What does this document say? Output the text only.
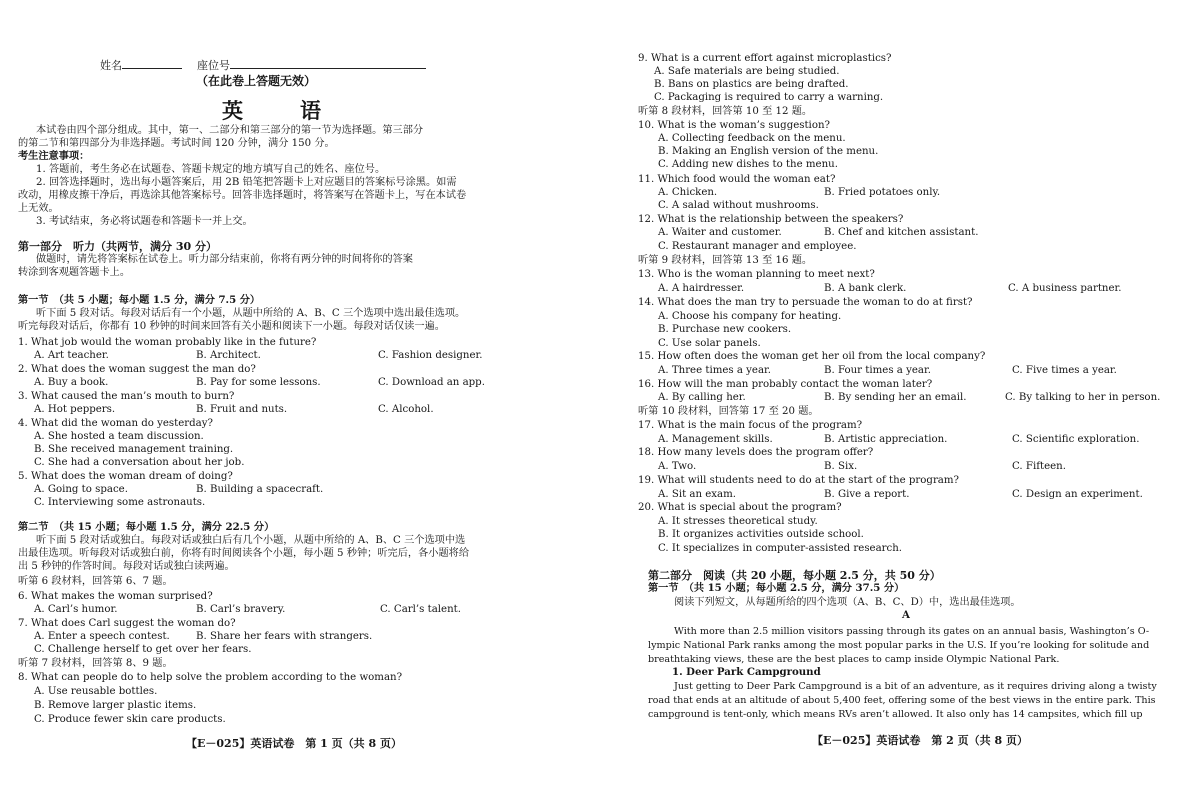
姓名	座位号
（在此卷上答题无效）
英　语
本试卷由四个部分组成。其中，第一、二部分和第三部分的第一节为选择题。第三部分
的第二节和第四部分为非选择题。考试时间 120 分钟，满分 150 分。
考生注意事项：
1. 答题前，考生务必在试题卷、答题卡规定的地方填写自己的姓名、座位号。
2. 回答选择题时，选出每小题答案后，用 2B 铅笔把答题卡上对应题目的答案标号涂黑。如需
改动，用橡皮擦干净后，再选涂其他答案标号。回答非选择题时，将答案写在答题卡上，写在本试卷
上无效。
3. 考试结束，务必将试题卷和答题卡一并上交。
第一部分　听力（共两节，满分 30 分）
做题时，请先将答案标在试卷上。听力部分结束前，你将有两分钟的时间将你的答案
转涂到客观题答题卡上。
第一节　（共 5 小题；每小题 1.5 分，满分 7.5 分）
听下面 5 段对话。每段对话后有一个小题，从题中所给的 A、B、C 三个选项中选出最佳选项。
听完每段对话后，你都有 10 秒钟的时间来回答有关小题和阅读下一小题。每段对话仅读一遍。
1. What job would the woman probably like in the future?
A. Art teacher.	B. Architect.	C. Fashion designer.
2. What does the woman suggest the man do?
A. Buy a book.	B. Pay for some lessons.	C. Download an app.
3. What caused the man’s mouth to burn?
A. Hot peppers.	B. Fruit and nuts.	C. Alcohol.
4. What did the woman do yesterday?
A. She hosted a team discussion.
B. She received management training.
C. She had a conversation about her job.
5. What does the woman dream of doing?
A. Going to space.	B. Building a spacecraft.
C. Interviewing some astronauts.
第二节　（共 15 小题；每小题 1.5 分，满分 22.5 分）
听下面 5 段对话或独白。每段对话或独白后有几个小题，从题中所给的 A、B、C 三个选项中选
出最佳选项。听每段对话或独白前，你将有时间阅读各个小题，每小题 5 秒钟；听完后，各小题将给
出 5 秒钟的作答时间。每段对话或独白读两遍。
听第 6 段材料，回答第 6、7 题。
6. What makes the woman surprised?
A. Carl’s humor.	B. Carl’s bravery.	C. Carl’s talent.
7. What does Carl suggest the woman do?
A. Enter a speech contest.	B. Share her fears with strangers.
C. Challenge herself to get over her fears.
听第 7 段材料，回答第 8、9 题。
8. What can people do to help solve the problem according to the woman?
A. Use reusable bottles.
B. Remove larger plastic items.
C. Produce fewer skin care products.
【E－025】英语试卷　第 1 页（共 8 页）
9. What is a current effort against microplastics?
A. Safe materials are being studied.
B. Bans on plastics are being drafted.
C. Packaging is required to carry a warning.
听第 8 段材料，回答第 10 至 12 题。
10. What is the woman’s suggestion?
A. Collecting feedback on the menu.
B. Making an English version of the menu.
C. Adding new dishes to the menu.
11. Which food would the woman eat?
A. Chicken.	B. Fried potatoes only.
C. A salad without mushrooms.
12. What is the relationship between the speakers?
A. Waiter and customer.	B. Chef and kitchen assistant.
C. Restaurant manager and employee.
听第 9 段材料，回答第 13 至 16 题。
13. Who is the woman planning to meet next?
A. A hairdresser.	B. A bank clerk.	C. A business partner.
14. What does the man try to persuade the woman to do at first?
A. Choose his company for heating.
B. Purchase new cookers.
C. Use solar panels.
15. How often does the woman get her oil from the local company?
A. Three times a year.	B. Four times a year.	C. Five times a year.
16. How will the man probably contact the woman later?
A. By calling her.	B. By sending her an email.	C. By talking to her in person.
听第 10 段材料，回答第 17 至 20 题。
17. What is the main focus of the program?
A. Management skills.	B. Artistic appreciation.	C. Scientific exploration.
18. How many levels does the program offer?
A. Two.	B. Six.	C. Fifteen.
19. What will students need to do at the start of the program?
A. Sit an exam.	B. Give a report.	C. Design an experiment.
20. What is special about the program?
A. It stresses theoretical study.
B. It organizes activities outside school.
C. It specializes in computer-assisted research.
第二部分　阅读（共 20 小题，每小题 2.5 分，共 50 分）
第一节　（共 15 小题；每小题 2.5 分，满分 37.5 分）
阅读下列短文，从每题所给的四个选项（A、B、C、D）中，选出最佳选项。
A
With more than 2.5 million visitors passing through its gates on an annual basis, Washington’s O-
lympic National Park ranks among the most popular parks in the U.S. If you’re looking for solitude and
breathtaking views, these are the best places to camp inside Olympic National Park.
1. Deer Park Campground
Just getting to Deer Park Campground is a bit of an adventure, as it requires driving along a twisty
road that ends at an altitude of about 5,400 feet, offering some of the best views in the entire park. This
campground is tent-only, which means RVs aren’t allowed. It also only has 14 campsites, which fill up
【E－025】英语试卷　第 2 页（共 8 页）
